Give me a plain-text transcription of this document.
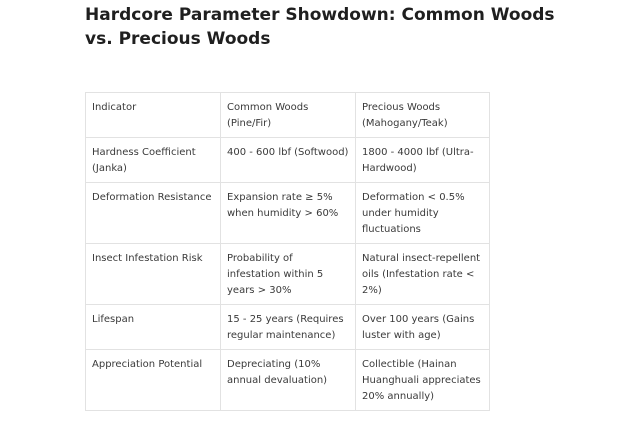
Hardcore Parameter Showdown: Common Woods vs. Precious Woods
Indicator	Common Woods (Pine/Fir)	Precious Woods (Mahogany/Teak)
Hardness Coefficient (Janka)	400 - 600 lbf (Softwood)	1800 - 4000 lbf (Ultra-Hardwood)
Deformation Resistance	Expansion rate ≥ 5% when humidity > 60%	Deformation < 0.5% under humidity fluctuations
Insect Infestation Risk	Probability of infestation within 5 years > 30%	Natural insect-repellent oils (Infestation rate < 2%)
Lifespan	15 - 25 years (Requires regular maintenance)	Over 100 years (Gains luster with age)
Appreciation Potential	Depreciating (10% annual devaluation)	Collectible (Hainan Huanghuali appreciates 20% annually)
